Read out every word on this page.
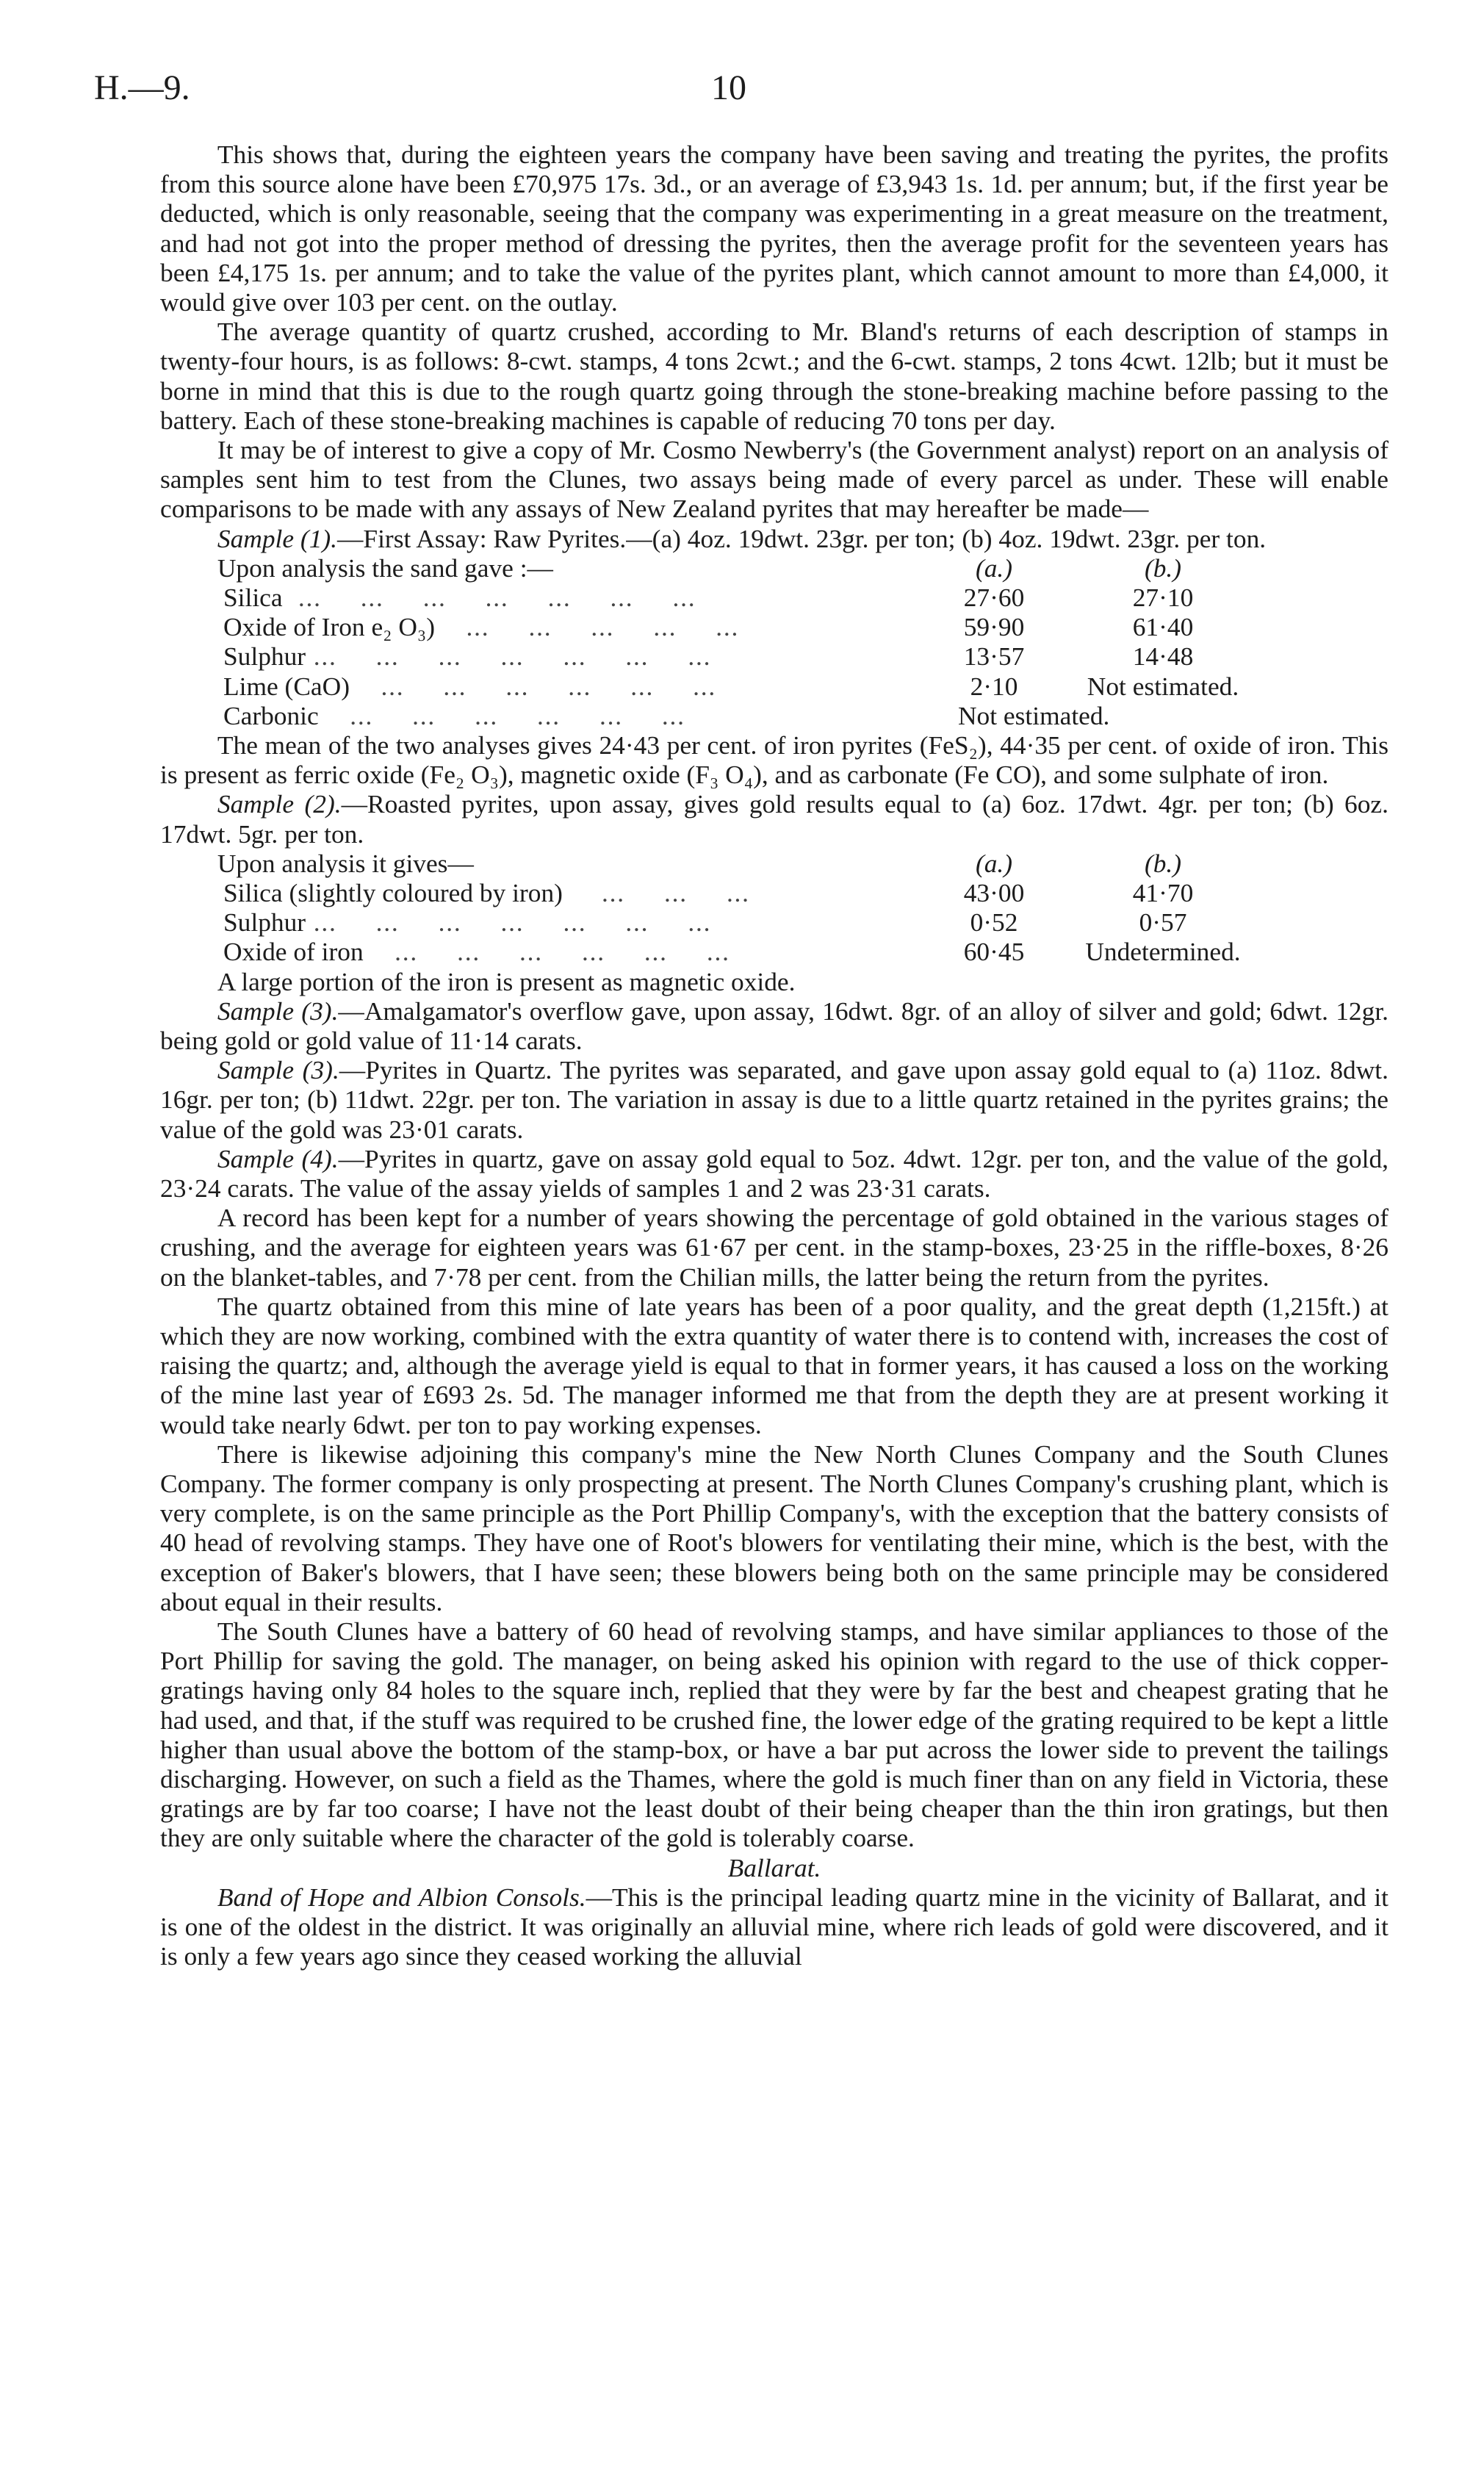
H.—9.	10

This shows that, during the eighteen years the company have been saving and treating the pyrites, the profits from this source alone have been £70,975 17s. 3d., or an average of £3,943 1s. 1d. per annum; but, if the first year be deducted, which is only reasonable, seeing that the company was experimenting in a great measure on the treatment, and had not got into the proper method of dressing the pyrites, then the average profit for the seventeen years has been £4,175 1s. per annum; and to take the value of the pyrites plant, which cannot amount to more than £4,000, it would give over 103 per cent. on the outlay.

The average quantity of quartz crushed, according to Mr. Bland's returns of each description of stamps in twenty-four hours, is as follows: 8-cwt. stamps, 4 tons 2cwt.; and the 6-cwt. stamps, 2 tons 4cwt. 12lb; but it must be borne in mind that this is due to the rough quartz going through the stone-breaking machine before passing to the battery. Each of these stone-breaking machines is capable of reducing 70 tons per day.

It may be of interest to give a copy of Mr. Cosmo Newberry's (the Government analyst) report on an analysis of samples sent him to test from the Clunes, two assays being made of every parcel as under. These will enable comparisons to be made with any assays of New Zealand pyrites that may hereafter be made—

Sample (1).—First Assay: Raw Pyrites.—(a) 4oz. 19dwt. 23gr. per ton; (b) 4oz. 19dwt. 23gr. per ton.

Upon analysis the sand gave :—	(a.)	(b.)
Silica  ...     ...     ...     ...     ...     ...     ...	27·60	27·10
Oxide of Iron e₂ O₃)    ...     ...     ...     ...     ...	59·90	61·40
Sulphur ...     ...     ...     ...     ...     ...     ...	13·57	14·48
Lime (CaO)    ...     ...     ...     ...     ...     ...	2·10	Not estimated.
Carbonic    ...     ...     ...     ...     ...     ...	Not estimated.

The mean of the two analyses gives 24·43 per cent. of iron pyrites (FeS₂), 44·35 per cent. of oxide of iron. This is present as ferric oxide (Fe₂ O₃), magnetic oxide (F₃ O₄), and as carbonate (Fe CO), and some sulphate of iron.

Sample (2).—Roasted pyrites, upon assay, gives gold results equal to (a) 6oz. 17dwt. 4gr. per ton; (b) 6oz. 17dwt. 5gr. per ton.

Upon analysis it gives—	(a.)	(b.)
Silica (slightly coloured by iron)     ...     ...     ...	43·00	41·70
Sulphur ...     ...     ...     ...     ...     ...     ...	0·52	0·57
Oxide of iron    ...     ...     ...     ...     ...     ...	60·45	Undetermined.

A large portion of the iron is present as magnetic oxide.

Sample (3).—Amalgamator's overflow gave, upon assay, 16dwt. 8gr. of an alloy of silver and gold; 6dwt. 12gr. being gold or gold value of 11·14 carats.

Sample (3).—Pyrites in Quartz. The pyrites was separated, and gave upon assay gold equal to (a) 11oz. 8dwt. 16gr. per ton; (b) 11dwt. 22gr. per ton. The variation in assay is due to a little quartz retained in the pyrites grains; the value of the gold was 23·01 carats.

Sample (4).—Pyrites in quartz, gave on assay gold equal to 5oz. 4dwt. 12gr. per ton, and the value of the gold, 23·24 carats. The value of the assay yields of samples 1 and 2 was 23·31 carats.

A record has been kept for a number of years showing the percentage of gold obtained in the various stages of crushing, and the average for eighteen years was 61·67 per cent. in the stamp-boxes, 23·25 in the riffle-boxes, 8·26 on the blanket-tables, and 7·78 per cent. from the Chilian mills, the latter being the return from the pyrites.

The quartz obtained from this mine of late years has been of a poor quality, and the great depth (1,215ft.) at which they are now working, combined with the extra quantity of water there is to contend with, increases the cost of raising the quartz; and, although the average yield is equal to that in former years, it has caused a loss on the working of the mine last year of £693 2s. 5d. The manager informed me that from the depth they are at present working it would take nearly 6dwt. per ton to pay working expenses.

There is likewise adjoining this company's mine the New North Clunes Company and the South Clunes Company. The former company is only prospecting at present. The North Clunes Company's crushing plant, which is very complete, is on the same principle as the Port Phillip Company's, with the exception that the battery consists of 40 head of revolving stamps. They have one of Root's blowers for ventilating their mine, which is the best, with the exception of Baker's blowers, that I have seen; these blowers being both on the same principle may be considered about equal in their results.

The South Clunes have a battery of 60 head of revolving stamps, and have similar appliances to those of the Port Phillip for saving the gold. The manager, on being asked his opinion with regard to the use of thick copper-gratings having only 84 holes to the square inch, replied that they were by far the best and cheapest grating that he had used, and that, if the stuff was required to be crushed fine, the lower edge of the grating required to be kept a little higher than usual above the bottom of the stamp-box, or have a bar put across the lower side to prevent the tailings discharging. However, on such a field as the Thames, where the gold is much finer than on any field in Victoria, these gratings are by far too coarse; I have not the least doubt of their being cheaper than the thin iron gratings, but then they are only suitable where the character of the gold is tolerably coarse.

Ballarat.

Band of Hope and Albion Consols.—This is the principal leading quartz mine in the vicinity of Ballarat, and it is one of the oldest in the district. It was originally an alluvial mine, where rich leads of gold were discovered, and it is only a few years ago since they ceased working the alluvial
